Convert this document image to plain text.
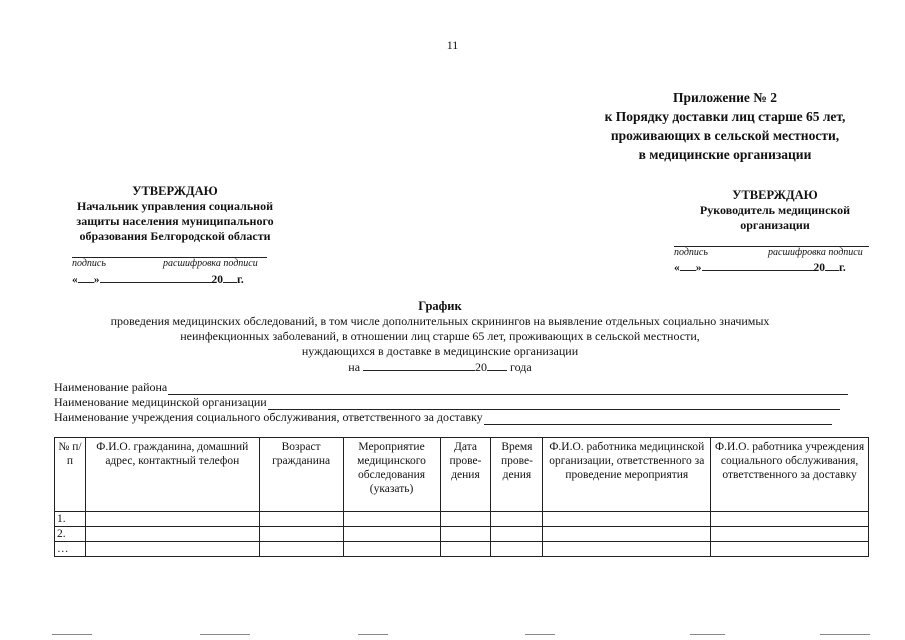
11
Приложение № 2
к Порядку доставки лиц старше 65 лет,
проживающих в сельской местности,
в медицинские организации
УТВЕРЖДАЮ
Начальник управления социальной
защиты населения муниципального
образования Белгородской области
подпись	расшифровка подписи
« »	20 г.
УТВЕРЖДАЮ
Руководитель медицинской
организации
подпись	расшифровка подписи
« »	20 г.
График
проведения медицинских обследований, в том числе дополнительных скринингов на выявление отдельных социально значимых
неинфекционных заболеваний, в отношении лиц старше 65 лет, проживающих в сельской местности,
нуждающихся в доставке в медицинские организации
на	20 года
Наименование района
Наименование медицинской организации
Наименование учреждения социального обслуживания, ответственного за доставку
№ п/п	Ф.И.О. гражданина, домашний адрес, контактный телефон	Возраст гражданина	Мероприятие медицинского обследования (указать)	Дата прове-дения	Время прове-дения	Ф.И.О. работника медицинской организации, ответственного за проведение мероприятия	Ф.И.О. работника учреждения социального обслуживания, ответственного за доставку
1.							
2.							
…							
